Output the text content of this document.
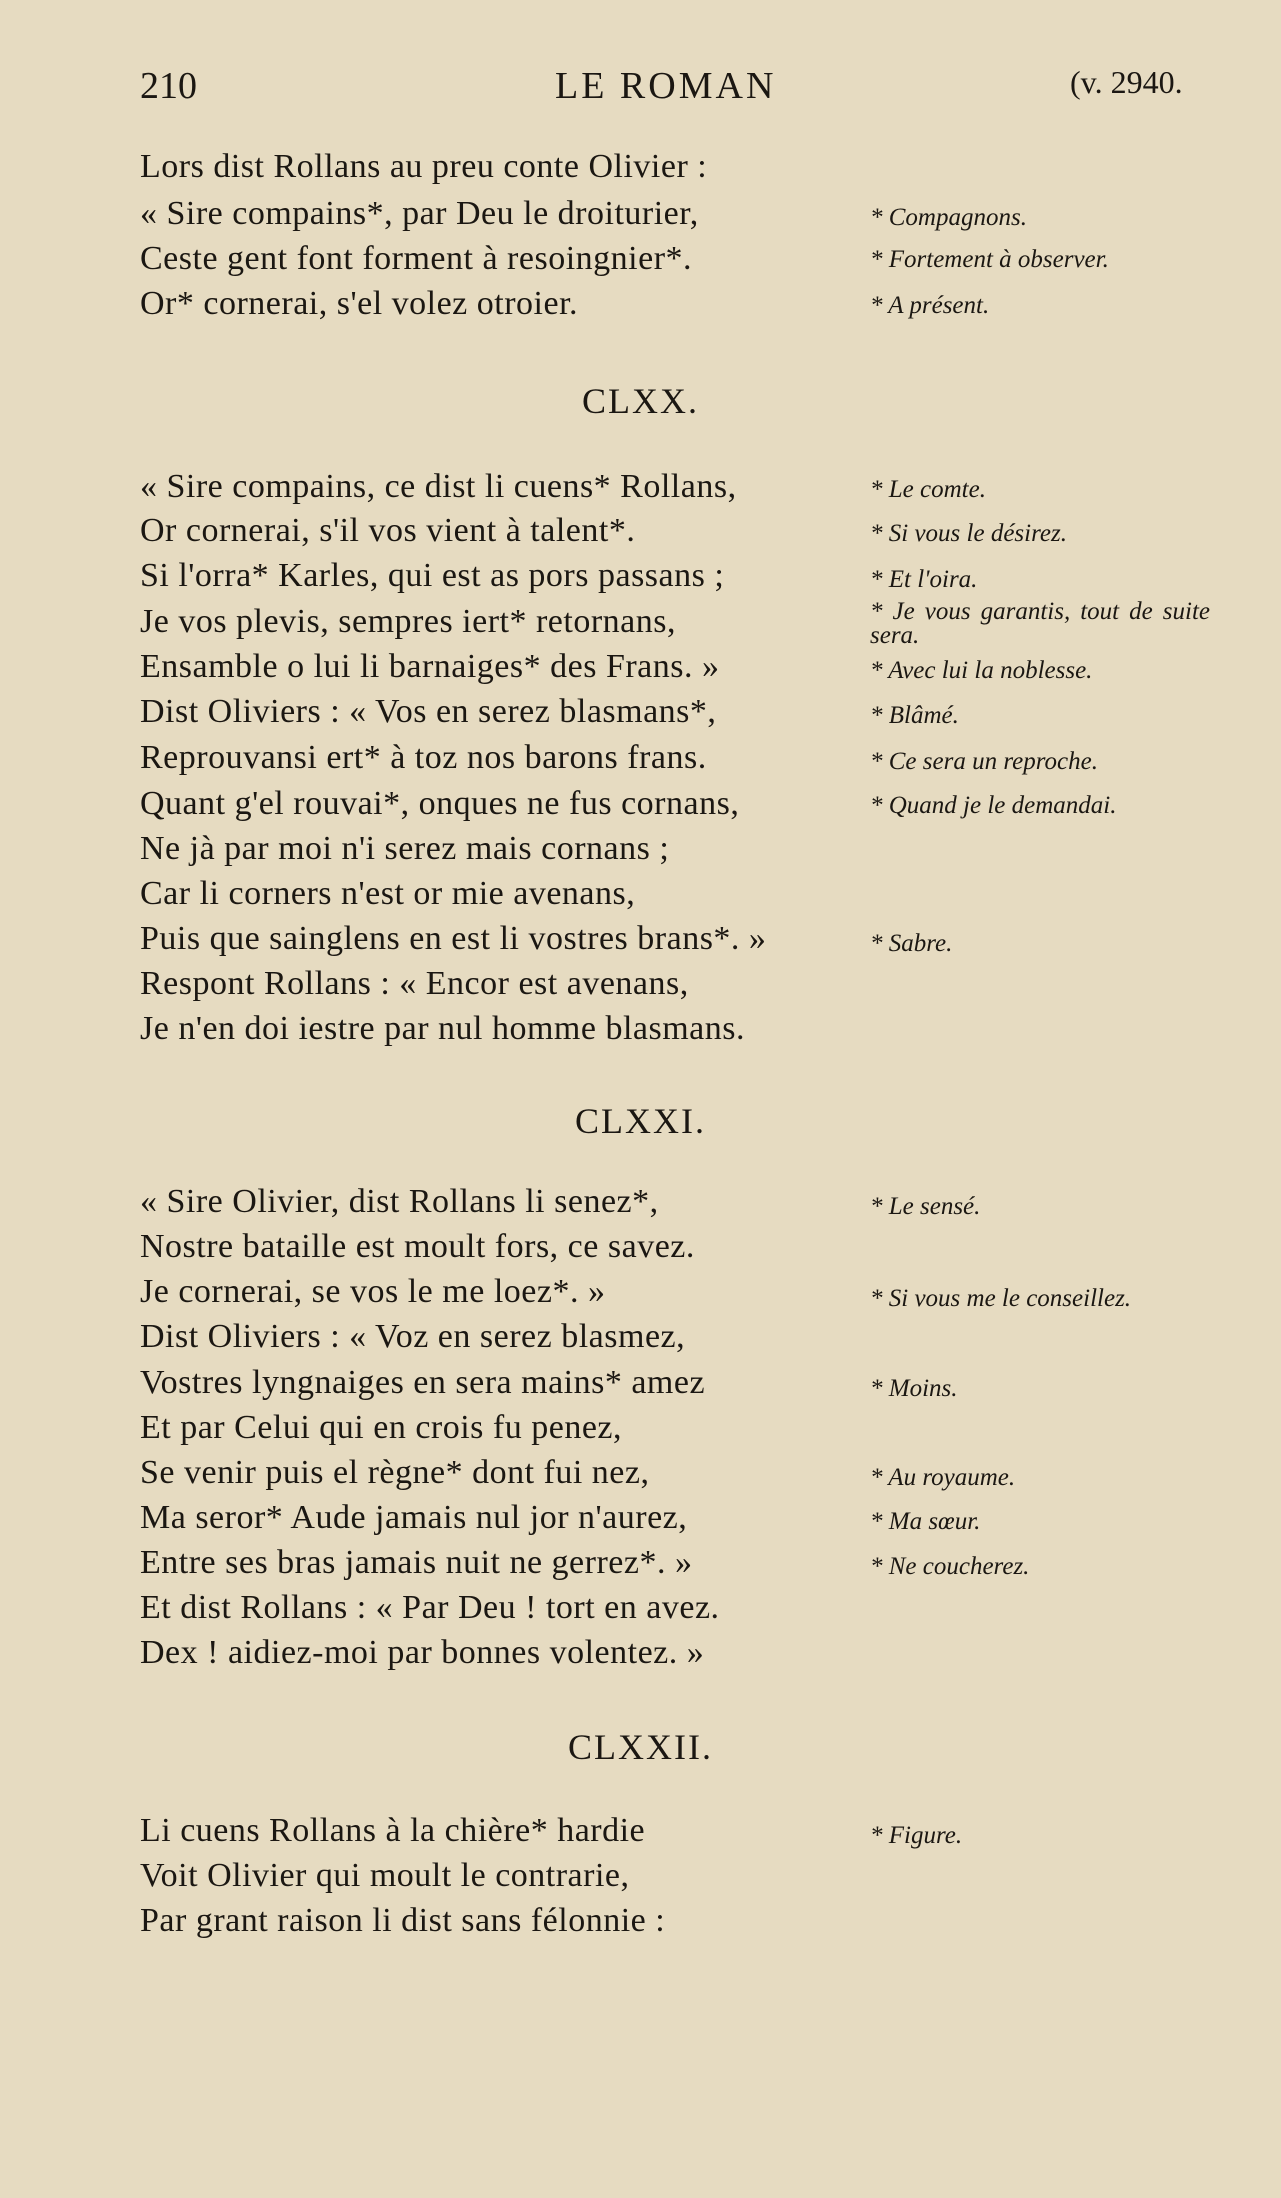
210	LE ROMAN	(v. 2940.
Lors dist Rollans au preu conte Olivier :
« Sire compains*, par Deu le droiturier,
Ceste gent font forment à resoingnier*.
Or* cornerai, s'el volez otroier.
* Compagnons.
* Fortement à observer.
* A présent.
CLXX.
« Sire compains, ce dist li cuens* Rollans,
Or cornerai, s'il vos vient à talent*.
Si l'orra* Karles, qui est as pors passans ;
Je vos plevis, sempres iert* retornans,
Ensamble o lui li barnaiges* des Frans. »
Dist Oliviers : « Vos en serez blasmans*,
Reprouvansi ert* à toz nos barons frans.
Quant g'el rouvai*, onques ne fus cornans,
Ne jà par moi n'i serez mais cornans ;
Car li corners n'est or mie avenans,
Puis que sainglens en est li vostres brans*. »
Respont Rollans : « Encor est avenans,
Je n'en doi iestre par nul homme blasmans.
* Le comte.
* Si vous le désirez.
* Et l'oira.
* Je vous garantis, tout de suite sera.
* Avec lui la noblesse.
* Blâmé.
* Ce sera un reproche.
* Quand je le demandai.
* Sabre.
CLXXI.
« Sire Olivier, dist Rollans li senez*,
Nostre bataille est moult fors, ce savez.
Je cornerai, se vos le me loez*. »
Dist Oliviers : « Voz en serez blasmez,
Vostres lyngnaiges en sera mains* amez
Et par Celui qui en crois fu penez,
Se venir puis el règne* dont fui nez,
Ma seror* Aude jamais nul jor n'aurez,
Entre ses bras jamais nuit ne gerrez*. »
Et dist Rollans : « Par Deu ! tort en avez.
Dex ! aidiez-moi par bonnes volentez. »
* Le sensé.
* Si vous me le conseillez.
* Moins.
* Au royaume.
* Ma sœur.
* Ne coucherez.
CLXXII.
Li cuens Rollans à la chière* hardie
Voit Olivier qui moult le contrarie,
Par grant raison li dist sans félonnie :
* Figure.
